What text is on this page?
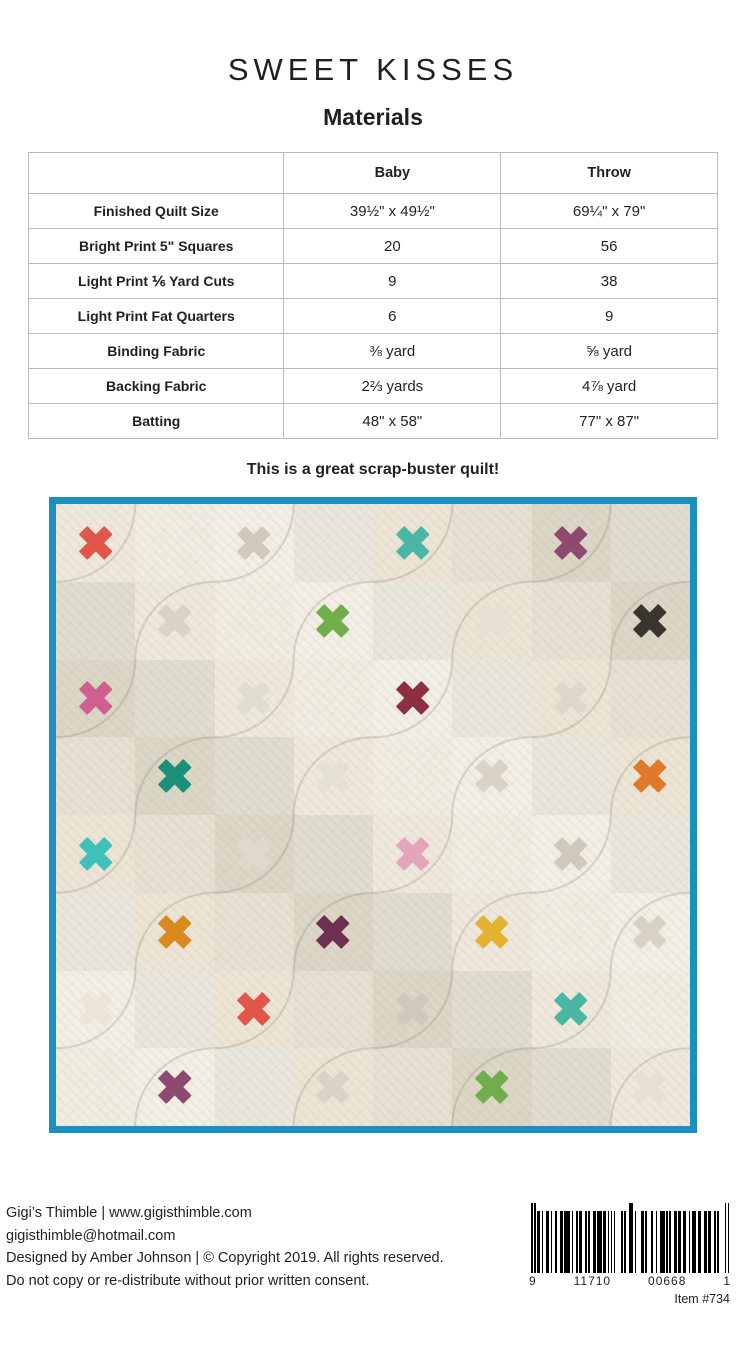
SWEET KISSES
Materials
	Baby	Throw
Finished Quilt Size	39½" x 49½"	69¼" x 79"
Bright Print 5" Squares	20	56
Light Print ⅙ Yard Cuts	9	38
Light Print Fat Quarters	6	9
Binding Fabric	⅜ yard	⅝ yard
Backing Fabric	2⅔ yards	4⅞ yard
Batting	48" x 58"	77" x 87"
This is a great scrap-buster quilt!
Gigi’s Thimble | www.gigisthimble.com
gigisthimble@hotmail.com
Designed by Amber Johnson | © Copyright 2019. All rights reserved.
Do not copy or re-distribute without prior written consent.	9	11710	00668	1
Item #734
